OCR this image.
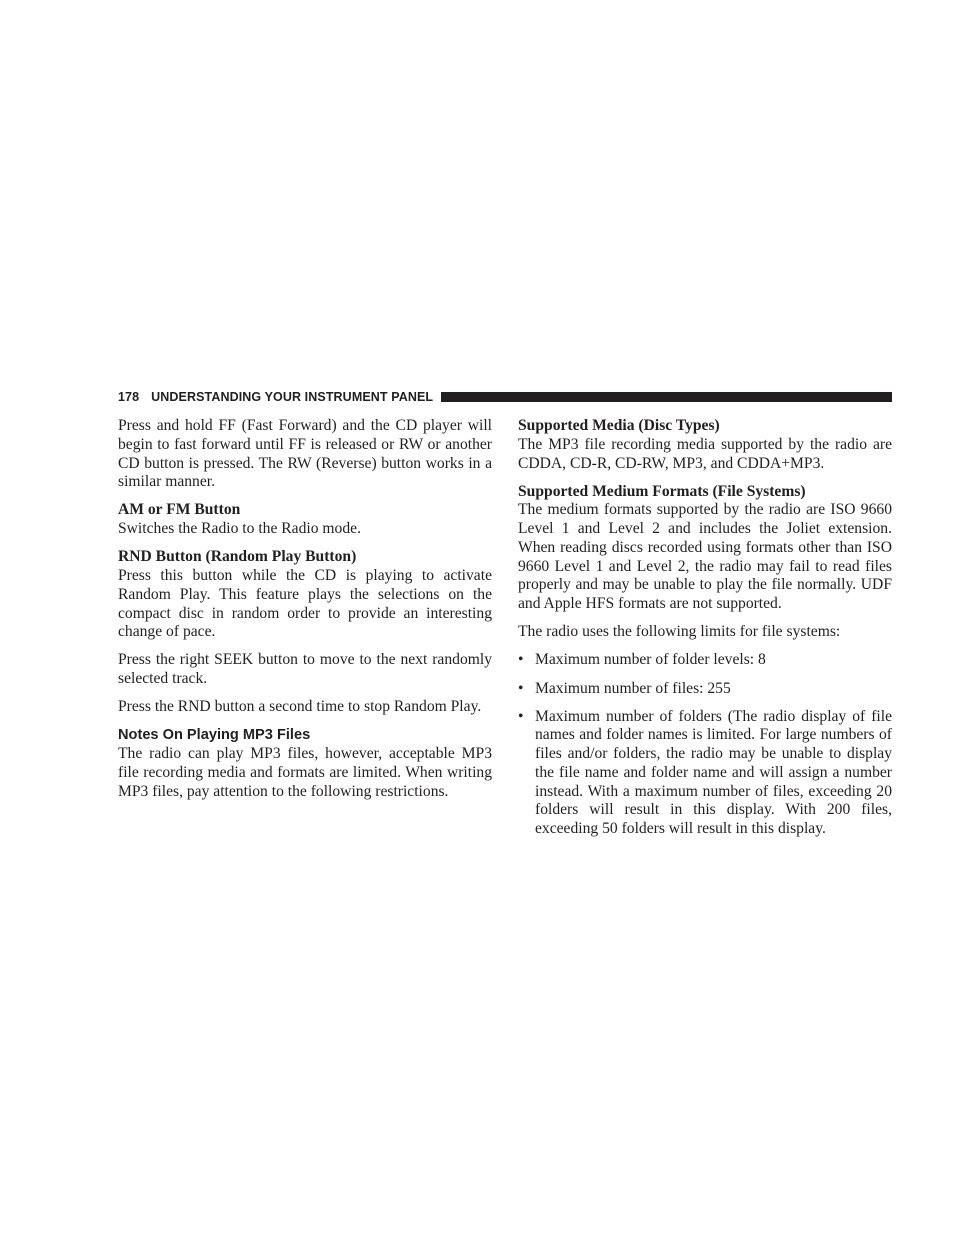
178 UNDERSTANDING YOUR INSTRUMENT PANEL

Press and hold FF (Fast Forward) and the CD player will begin to fast forward until FF is released or RW or another CD button is pressed. The RW (Reverse) button works in a similar manner.

AM or FM Button
Switches the Radio to the Radio mode.

RND Button (Random Play Button)
Press this button while the CD is playing to activate Random Play. This feature plays the selections on the compact disc in random order to provide an interesting change of pace.

Press the right SEEK button to move to the next randomly selected track.

Press the RND button a second time to stop Random Play.

Notes On Playing MP3 Files
The radio can play MP3 files, however, acceptable MP3 file recording media and formats are limited. When writing MP3 files, pay attention to the following restrictions.

Supported Media (Disc Types)
The MP3 file recording media supported by the radio are CDDA, CD-R, CD-RW, MP3, and CDDA+MP3.

Supported Medium Formats (File Systems)
The medium formats supported by the radio are ISO 9660 Level 1 and Level 2 and includes the Joliet extension. When reading discs recorded using formats other than ISO 9660 Level 1 and Level 2, the radio may fail to read files properly and may be unable to play the file normally. UDF and Apple HFS formats are not supported.

The radio uses the following limits for file systems:

• Maximum number of folder levels: 8
• Maximum number of files: 255
• Maximum number of folders (The radio display of file names and folder names is limited. For large numbers of files and/or folders, the radio may be unable to display the file name and folder name and will assign a number instead. With a maximum number of files, exceeding 20 folders will result in this display. With 200 files, exceeding 50 folders will result in this display.
